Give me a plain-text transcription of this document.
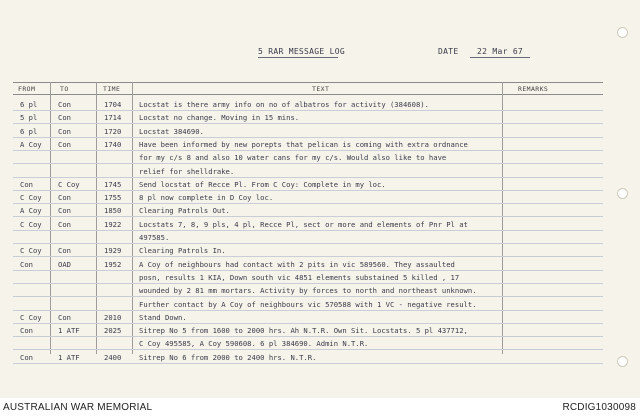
5 RAR MESSAGE LOG	DATE 22 Mar 67
FROM	TO	TIME	TEXT	REMARKS
6 pl	Con	1704 Locstat is there army info on no of albatros for activity (384608).
5 pl	Con	1714 Locstat no change. Moving in 15 mins.
6 pl	Con	1720 Locstat 384690.
A Coy Con	1740 Have been informed by new porepts that pelican is coming with extra ordnance
for my c/s 8 and also 10 water cans for my c/s. Would also like to have
relief for shelldrake.
Con	C Coy	1745 Send locstat of Recce Pl. From C Coy: Complete in my loc.
C Coy Con	1755 8 pl now complete in D Coy loc.
A Coy Con	1850 Clearing Patrols Out.
C Coy Con	1922 Locstats 7, 8, 9 pls, 4 pl, Recce Pl, sect or more and elements of Pnr Pl at
497585.
C Coy Con	1929 Clearing Patrols In.
Con	OAD	1952 A Coy of neighbours had contact with 2 pits in vic 589560. They assaulted
posn, results 1 KIA, Down south vic 4851 elements substained 5 killed , 17
wounded by 2 81 mm mortars. Activity by forces to north and northeast unknown.
Further contact by A Coy of neighbours vic 570588 with 1 VC - negative result.
C Coy Con	2010 Stand Down.
Con	1 ATF	2025 Sitrep No 5 from 1600 to 2000 hrs. Ah N.T.R. Own Sit. Locstats. 5 pl 437712,
C Coy 495585, A Coy 590608. 6 pl 384690. Admin N.T.R.
Con	1 ATF	2400 Sitrep No 6 from 2000 to 2400 hrs. N.T.R.
AUSTRALIAN WAR MEMORIAL	RCDIG1030098
